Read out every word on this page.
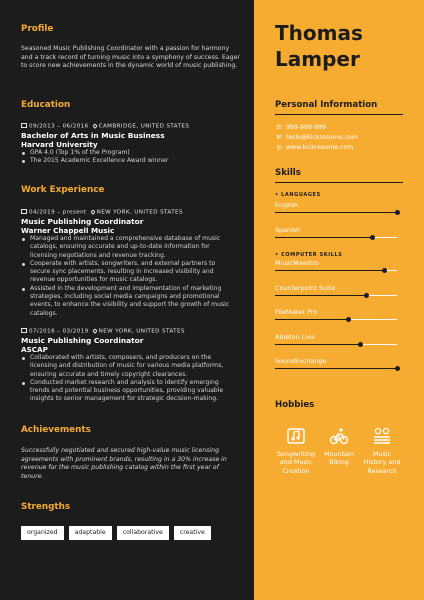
Profile
Seasoned Music Publishing Coordinator with a passion for harmony and a track record of turning music into a symphony of success. Eager to score new achievements in the dynamic world of music publishing.
Education
09/2013 – 06/2016 CAMBRIDGE, UNITED STATES
Bachelor of Arts in Music Business
Harvard University
GPA 4.0 (Top 1% of the Program)
The 2015 Academic Excellence Award winner
Work Experience
04/2019 – present NEW YORK, UNITED STATES
Music Publishing Coordinator
Warner Chappell Music
Managed and maintained a comprehensive database of music catalogs, ensuring accurate and up-to-date information for licensing negotiations and revenue tracking.
Cooperate with artists, songwriters, and external partners to secure sync placements, resulting in increased visibility and revenue opportunities for music catalogs.
Assisted in the development and implementation of marketing strategies, including social media campaigns and promotional events, to enhance the visibility and support the growth of music catalogs.
07/2016 – 03/2019 NEW YORK, UNITED STATES
Music Publishing Coordinator
ASCAP
Collaborated with artists, composers, and producers on the licensing and distribution of music for various media platforms, ensuring accurate and timely copyright clearances.
Conducted market research and analysis to identify emerging trends and potential business opportunities, providing valuable insights to senior management for strategic decision-making.
Achievements
Successfully negotiated and secured high-value music licensing agreements with prominent brands, resulting in a 30% increase in revenue for the music publishing catalog within the first year of tenure.
Strengths
organized	adaptable	collaborative	creative
Thomas
Lamper
Personal Information
☏ 999-999-999
✉ hello@kickresume.com
◎ www.kickresume.com
Skills
• LANGUAGES
• COMPUTER SKILLS
English
Spanish
MusicMaestro
Counterpoint Suite
FileMaker Pro
Ableton Live
SoundExchange
Hobbies
Songwriting and Music Creation
Mountain Biking
Music History and Research
